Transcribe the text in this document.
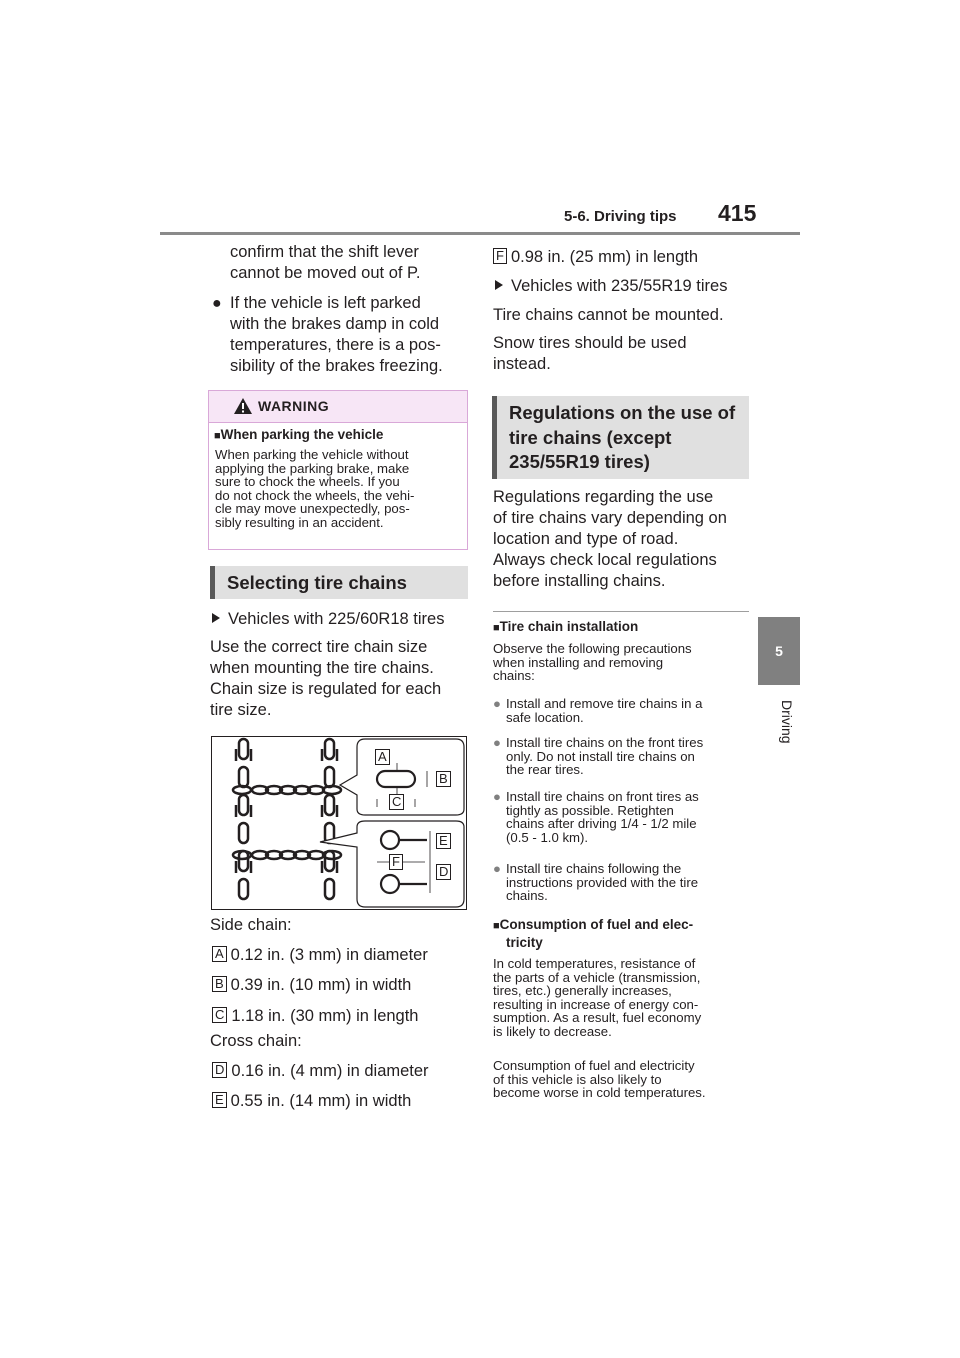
5-6. Driving tips 415
5
Driving
confirm that the shift lever
cannot be moved out of P.
● If the vehicle is left parked
with the brakes damp in cold
temperatures, there is a pos-
sibility of the brakes freezing.
WARNING
■When parking the vehicle
When parking the vehicle without
applying the parking brake, make
sure to chock the wheels. If you
do not chock the wheels, the vehi-
cle may move unexpectedly, pos-
sibly resulting in an accident.
Selecting tire chains
Vehicles with 225/60R18 tires
Use the correct tire chain size
when mounting the tire chains.
Chain size is regulated for each
tire size.
A
B
C
E
F
D
Side chain:
A 0.12 in. (3 mm) in diameter
B 0.39 in. (10 mm) in width
C 1.18 in. (30 mm) in length
Cross chain:
D 0.16 in. (4 mm) in diameter
E 0.55 in. (14 mm) in width
F 0.98 in. (25 mm) in length
Vehicles with 235/55R19 tires
Tire chains cannot be mounted.
Snow tires should be used
instead.
Regulations on the use of
tire chains (except
235/55R19 tires)
Regulations regarding the use
of tire chains vary depending on
location and type of road.
Always check local regulations
before installing chains.
■Tire chain installation
Observe the following precautions
when installing and removing
chains:
● Install and remove tire chains in a
safe location.
● Install tire chains on the front tires
only. Do not install tire chains on
the rear tires.
● Install tire chains on front tires as
tightly as possible. Retighten
chains after driving 1/4 - 1/2 mile
(0.5 - 1.0 km).
● Install tire chains following the
instructions provided with the tire
chains.
■Consumption of fuel and elec-
tricity
In cold temperatures, resistance of
the parts of a vehicle (transmission,
tires, etc.) generally increases,
resulting in increase of energy con-
sumption. As a result, fuel economy
is likely to decrease.
Consumption of fuel and electricity
of this vehicle is also likely to
become worse in cold temperatures.
